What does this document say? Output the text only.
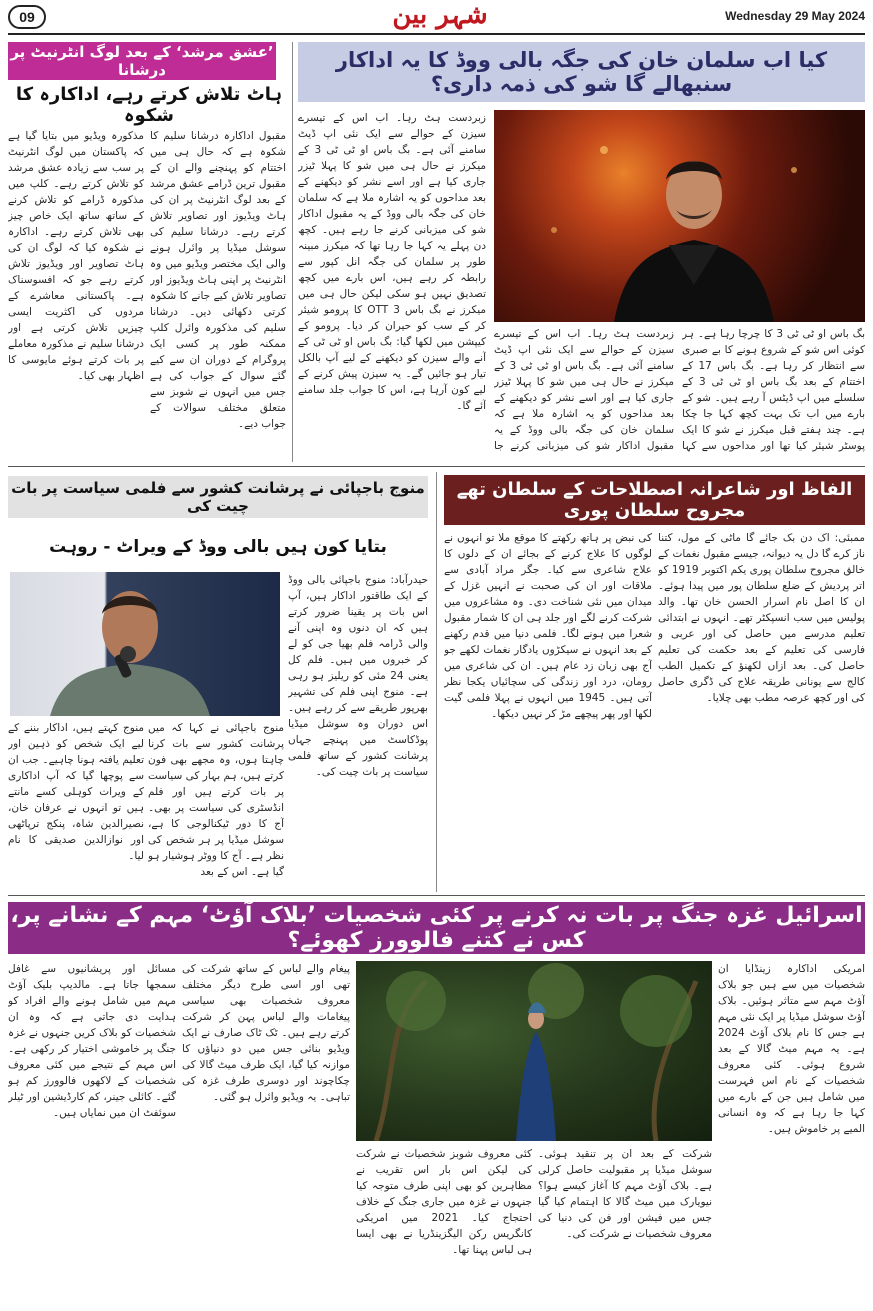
09	شہر بین	Wednesday 29 May 2024
کیا اب سلمان خان کی جگہ بالی ووڈ کا یہ اداکار سنبھالے گا شو کی ذمہ داری؟
زبردست ہٹ رہا۔ اب اس کے تیسرے سیزن کے حوالے سے ایک نئی اپ ڈیٹ سامنے آئی ہے۔ بگ باس او ٹی ٹی 3 کے میکرز نے حال ہی میں شو کا پہلا ٹیزر جاری کیا ہے اور اسے نشر کو دیکھنے کے بعد مداحوں کو یہ اشارہ ملا ہے کہ سلمان خان کی جگہ بالی ووڈ کے یہ مقبول اداکار شو کی میزبانی کرنے جا رہے ہیں۔ کچھ دن پہلے یہ کہا جا رہا تھا کہ میکرز مبینہ طور پر سلمان کی جگہ انل کپور سے رابطہ کر رہے ہیں، اس بارے میں کچھ تصدیق نہیں ہو سکی لیکن حال ہی میں میکرز نے بگ باس 3 OTT کا پرومو شیئر کر کے سب کو حیران کر دیا۔ پرومو کے کیپشن میں لکھا گیا: بگ باس او ٹی ٹی کے آنے والے سیزن کو دیکھنے کے لیے آپ بالکل تیار ہو جائیں گے۔ یہ سیزن پیش کرنے کے لیے کون آرہا ہے، اس کا جواب جلد سامنے آئے گا۔
بگ باس او ٹی ٹی 3 کا چرچا رہا ہے۔ ہر کوئی اس شو کے شروع ہونے کا بے صبری سے انتظار کر رہا ہے۔ بگ باس 17 کے اختتام کے بعد بگ باس او ٹی ٹی 3 کے سلسلے میں اپ ڈیٹس آ رہے ہیں۔ شو کے بارے میں اب تک بہت کچھ کہا جا چکا ہے۔ چند ہفتے قبل میکرز نے شو کا ایک پوسٹر شیئر کیا تھا اور مداحوں سے کہا
زبردست ہٹ رہا۔ اب اس کے تیسرے سیزن کے حوالے سے ایک نئی اپ ڈیٹ سامنے آئی ہے۔ بگ باس او ٹی ٹی 3 کے میکرز نے حال ہی میں شو کا پہلا ٹیزر جاری کیا ہے اور اسے نشر کو دیکھنے کے بعد مداحوں کو یہ اشارہ ملا ہے کہ سلمان خان کی جگہ بالی ووڈ کے یہ مقبول اداکار شو کی میزبانی کرنے جا
’عشق مرشد‘ کے بعد لوگ انٹرنیٹ پر درشانا
ہاٹ تلاش کرتے رہے، اداکارہ کا شکوہ
مقبول اداکارہ درشانا سلیم کا شکوہ ہے کہ حال ہی میں اختتام کو پہنچنے والے ان کے مقبول ترین ڈرامے عشق مرشد کے بعد لوگ انٹرنیٹ پر ان کی ہاٹ ویڈیوز اور تصاویر تلاش کرتے رہے۔ درشانا سلیم کی سوشل میڈیا پر وائرل ہونے والی ایک مختصر ویڈیو میں وہ انٹرنیٹ پر اپنی ہاٹ ویڈیوز اور تصاویر تلاش کیے جانے کا شکوہ کرتی دکھائی دیں۔ درشانا سلیم کی مذکورہ وائرل کلپ ممکنہ طور پر کسی ایک پروگرام کے دوران ان سے کیے گئے سوال کے جواب کی ہے جس میں انہوں نے شوبز سے متعلق مختلف سوالات کے جواب دیے۔
مذکورہ ویڈیو میں بتایا گیا ہے کہ پاکستان میں لوگ انٹرنیٹ پر سب سے زیادہ عشق مرشد کو تلاش کرتے رہے۔ کلپ میں مذکورہ ڈرامے کو تلاش کرنے کے ساتھ ساتھ ایک خاص چیز بھی تلاش کرتے رہے۔ اداکارہ نے شکوہ کیا کہ لوگ ان کی ہاٹ تصاویر اور ویڈیوز تلاش کرتے رہے جو کہ افسوسناک ہے۔ پاکستانی معاشرے کے مردوں کی اکثریت ایسی چیزیں تلاش کرتی ہے اور درشانا سلیم نے مذکورہ معاملے پر بات کرتے ہوئے مایوسی کا اظہار بھی کیا۔
الفاظ اور شاعرانہ اصطلاحات کے سلطان تھے مجروح سلطان پوری
کی نبض پر ہاتھ رکھتے کا موقع ملا تو انہوں نے لوگوں کا علاج کرنے کے بجائے ان کے دلوں کا علاج شاعری سے کیا۔ جگر مراد آبادی سے ملاقات اور ان کی صحبت نے انہیں غزل کے میدان میں نئی شناخت دی۔ وہ مشاعروں میں شرکت کرنے لگے اور جلد ہی ان کا شمار مقبول شعرا میں ہونے لگا۔ فلمی دنیا میں قدم رکھنے کے بعد انہوں نے سیکڑوں یادگار نغمات لکھے جو آج بھی زبان زد عام ہیں۔ ان کی شاعری میں رومان، درد اور زندگی کی سچائیاں یکجا نظر آتی ہیں۔ 1945 میں انہوں نے پہلا فلمی گیت لکھا اور پھر پیچھے مڑ کر نہیں دیکھا۔
ممبئی: اک دن بک جائے گا ماٹی کے مول، کتنا ناز کرے گا دل یہ دیوانہ، جیسے مقبول نغمات کے خالق مجروح سلطان پوری یکم اکتوبر 1919 کو اتر پردیش کے ضلع سلطان پور میں پیدا ہوئے۔ ان کا اصل نام اسرار الحسن خان تھا۔ والد پولیس میں سب انسپکٹر تھے۔ انہوں نے ابتدائی تعلیم مدرسے میں حاصل کی اور عربی و فارسی کی تعلیم کے بعد حکمت کی تعلیم حاصل کی۔ بعد ازاں لکھنؤ کے تکمیل الطب کالج سے یونانی طریقہ علاج کی ڈگری حاصل کی اور کچھ عرصہ مطب بھی چلایا۔
منوج باجپائی نے پرشانت کشور سے فلمی سیاست پر بات چیت کی
بتایا کون ہیں بالی ووڈ کے ویراٹ - روہت
حیدرآباد: منوج باجپائی بالی ووڈ کے ایک طاقتور اداکار ہیں، آپ اس بات پر یقینا ضرور کرتے ہیں کہ ان دنوں وہ اپنی آنے والی ڈرامہ فلم بھیا جی کو لے کر خبروں میں ہیں۔ فلم کل یعنی 24 مئی کو ریلیز ہو رہی ہے۔ منوج اپنی فلم کی تشہیر بھرپور طریقے سے کر رہے ہیں۔ اس دوران وہ سوشل میڈیا پوڈکاسٹ میں پہنچے جہاں پرشانت کشور کے ساتھ فلمی سیاست پر بات چیت کی۔
منوج باجپائی نے کہا کہ میں پرشانت کشور سے بات کرنا چاہتا ہوں، وہ مجھے بھی فون کرتے ہیں، ہم بہار کی سیاست پر بات کرتے ہیں اور فلم انڈسٹری کی سیاست پر بھی۔ آج کا دور ٹیکنالوجی کا ہے، سوشل میڈیا پر ہر شخص کی نظر ہے۔ آج کا ووٹر ہوشیار ہو گیا ہے۔ اس کے بعد
منوج کہتے ہیں، اداکار بننے کے لیے ایک شخص کو ذہین اور تعلیم یافتہ ہونا چاہیے۔ جب ان سے پوچھا گیا کہ آپ اداکاری کے ویرات کوہلی کسے مانتے ہیں تو انہوں نے عرفان خان، نصیرالدین شاہ، پنکج ترپاٹھی اور نوازالدین صدیقی کا نام لیا۔
اسرائیل غزہ جنگ پر بات نہ کرنے پر کئی شخصیات ’بلاک آؤٹ‘ مہم کے نشانے پر، کس نے کتنے فالوورز کھوئے؟
امریکی اداکارہ زینڈایا ان شخصیات میں سے ہیں جو بلاک آؤٹ مہم سے متاثر ہوئیں۔ بلاک آؤٹ سوشل میڈیا پر ایک نئی مہم ہے جس کا نام بلاک آؤٹ 2024 ہے۔ یہ مہم میٹ گالا کے بعد شروع ہوئی۔ کئی معروف شخصیات کے نام اس فہرست میں شامل ہیں جن کے بارے میں کہا جا رہا ہے کہ وہ انسانی المیے پر خاموش ہیں۔
شرکت کے بعد ان پر تنقید ہوئی۔ سوشل میڈیا پر مقبولیت حاصل کرلی ہے۔ بلاک آؤٹ مہم کا آغاز کیسے ہوا؟ نیویارک میں میٹ گالا کا اہتمام کیا گیا جس میں فیشن اور فن کی دنیا کی معروف شخصیات نے شرکت کی۔
کئی معروف شوبز شخصیات نے شرکت کی لیکن اس بار اس تقریب نے مظاہرین کو بھی اپنی طرف متوجہ کیا جنہوں نے غزہ میں جاری جنگ کے خلاف احتجاج کیا۔ 2021 میں امریکی کانگریس رکن الیگزینڈریا نے بھی ایسا ہی لباس پہنا تھا۔
پیغام والے لباس کے ساتھ شرکت کی تھی اور اسی طرح دیگر مختلف معروف شخصیات بھی سیاسی پیغامات والے لباس پہن کر شرکت کرتے رہے ہیں۔ ٹک ٹاک صارف نے ایک ویڈیو بنائی جس میں دو دنیاؤں کا موازنہ کیا گیا، ایک طرف میٹ گالا کی چکاچوند اور دوسری طرف غزہ کی تباہی۔ یہ ویڈیو وائرل ہو گئی۔
مسائل اور پریشانیوں سے غافل سمجھا جاتا ہے۔ مالدیپ بلیک آؤٹ مہم میں شامل ہونے والے افراد کو ہدایت دی جاتی ہے کہ وہ ان شخصیات کو بلاک کریں جنہوں نے غزہ جنگ پر خاموشی اختیار کر رکھی ہے۔ اس مہم کے نتیجے میں کئی معروف شخصیات کے لاکھوں فالوورز کم ہو گئے۔ کائلی جینر، کم کارڈیشین اور ٹیلر سوئفٹ ان میں نمایاں ہیں۔
